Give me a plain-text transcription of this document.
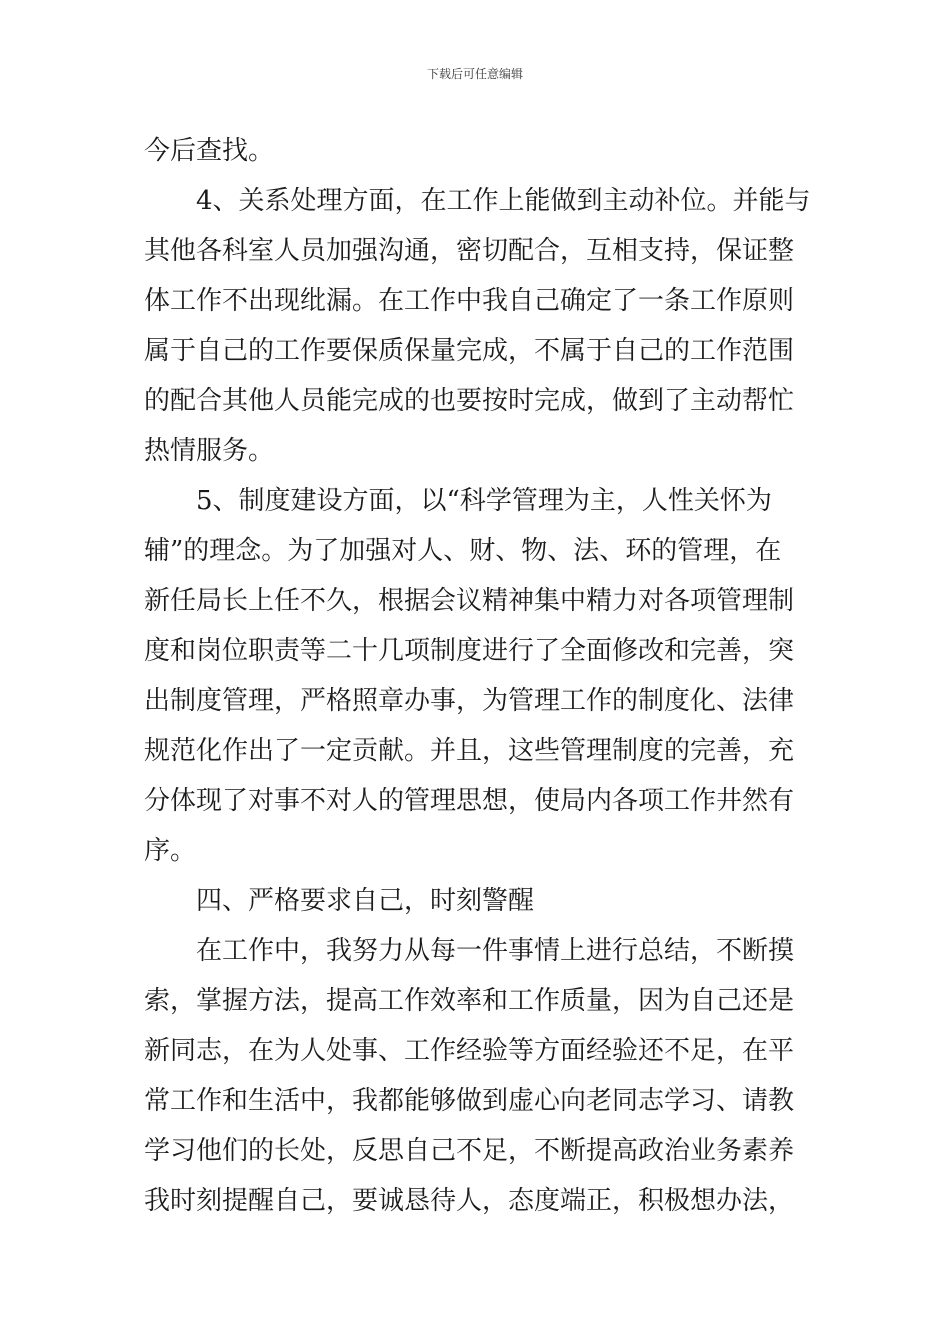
下载后可任意编辑
今后查找。
4、关系处理方面，在工作上能做到主动补位。并能与
其他各科室人员加强沟通，密切配合，互相支持，保证整
体工作不出现纰漏。在工作中我自己确定了一条工作原则
属于自己的工作要保质保量完成，不属于自己的工作范围
的配合其他人员能完成的也要按时完成，做到了主动帮忙
热情服务。
5、制度建设方面，以“科学管理为主，人性关怀为
辅”的理念。为了加强对人、财、物、法、环的管理，在
新任局长上任不久，根据会议精神集中精力对各项管理制
度和岗位职责等二十几项制度进行了全面修改和完善，突
出制度管理，严格照章办事，为管理工作的制度化、法律
规范化作出了一定贡献。并且，这些管理制度的完善，充
分体现了对事不对人的管理思想，使局内各项工作井然有
序。
四、严格要求自己，时刻警醒
在工作中，我努力从每一件事情上进行总结，不断摸
索，掌握方法，提高工作效率和工作质量，因为自己还是
新同志，在为人处事、工作经验等方面经验还不足，在平
常工作和生活中，我都能够做到虚心向老同志学习、请教
学习他们的长处，反思自己不足，不断提高政治业务素养
我时刻提醒自己，要诚恳待人，态度端正，积极想办法，
